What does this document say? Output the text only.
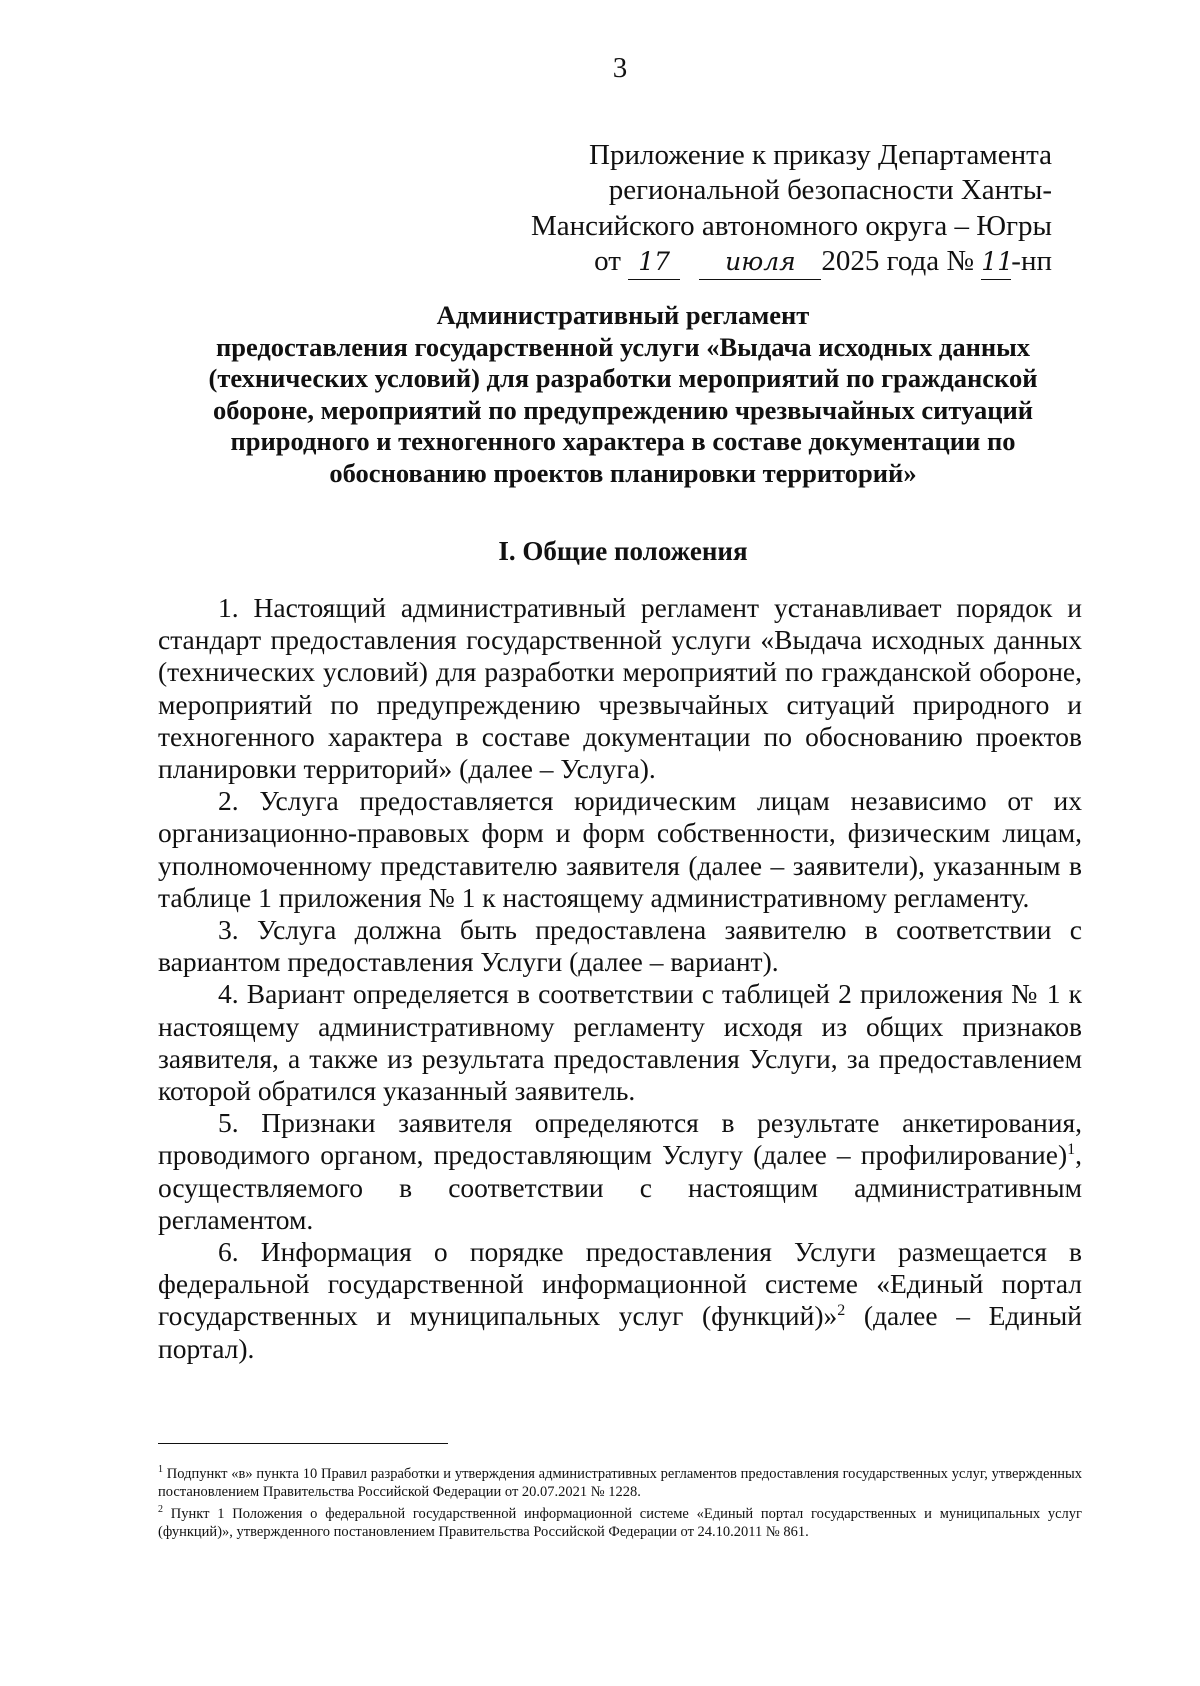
3
Приложение к приказу Департамента
региональной безопасности Ханты-
Мансийского автономного округа – Югры
от 17 июля 2025 года № 11-нп
Административный регламент
предоставления государственной услуги «Выдача исходных данных
(технических условий) для разработки мероприятий по гражданской
обороне, мероприятий по предупреждению чрезвычайных ситуаций
природного и техногенного характера в составе документации по
обоснованию проектов планировки территорий»
I. Общие положения

1. Настоящий административный регламент устанавливает порядок и стандарт предоставления государственной услуги «Выдача исходных данных (технических условий) для разработки мероприятий по гражданской обороне, мероприятий по предупреждению чрезвычайных ситуаций природного и техногенного характера в составе документации по обоснованию проектов планировки территорий» (далее – Услуга).

2. Услуга предоставляется юридическим лицам независимо от их организационно-правовых форм и форм собственности, физическим лицам, уполномоченному представителю заявителя (далее – заявители), указанным в таблице 1 приложения № 1 к настоящему административному регламенту.

3. Услуга должна быть предоставлена заявителю в соответствии с вариантом предоставления Услуги (далее – вариант).

4. Вариант определяется в соответствии с таблицей 2 приложения № 1 к настоящему административному регламенту исходя из общих признаков заявителя, а также из результата предоставления Услуги, за предоставлением которой обратился указанный заявитель.

5. Признаки заявителя определяются в результате анкетирования, проводимого органом, предоставляющим Услугу (далее – профилирование)$^1$, осуществляемого в соответствии с настоящим административным регламентом.

6. Информация о порядке предоставления Услуги размещается в федеральной государственной информационной системе «Единый портал государственных и муниципальных услуг (функций)»$^2$ (далее – Единый портал).

$^1$ Подпункт «в» пункта 10 Правил разработки и утверждения административных регламентов предоставления государственных услуг, утвержденных постановлением Правительства Российской Федерации от 20.07.2021 № 1228.

$^2$ Пункт 1 Положения о федеральной государственной информационной системе «Единый портал государственных и муниципальных услуг (функций)», утвержденного постановлением Правительства Российской Федерации от 24.10.2011 № 861.
